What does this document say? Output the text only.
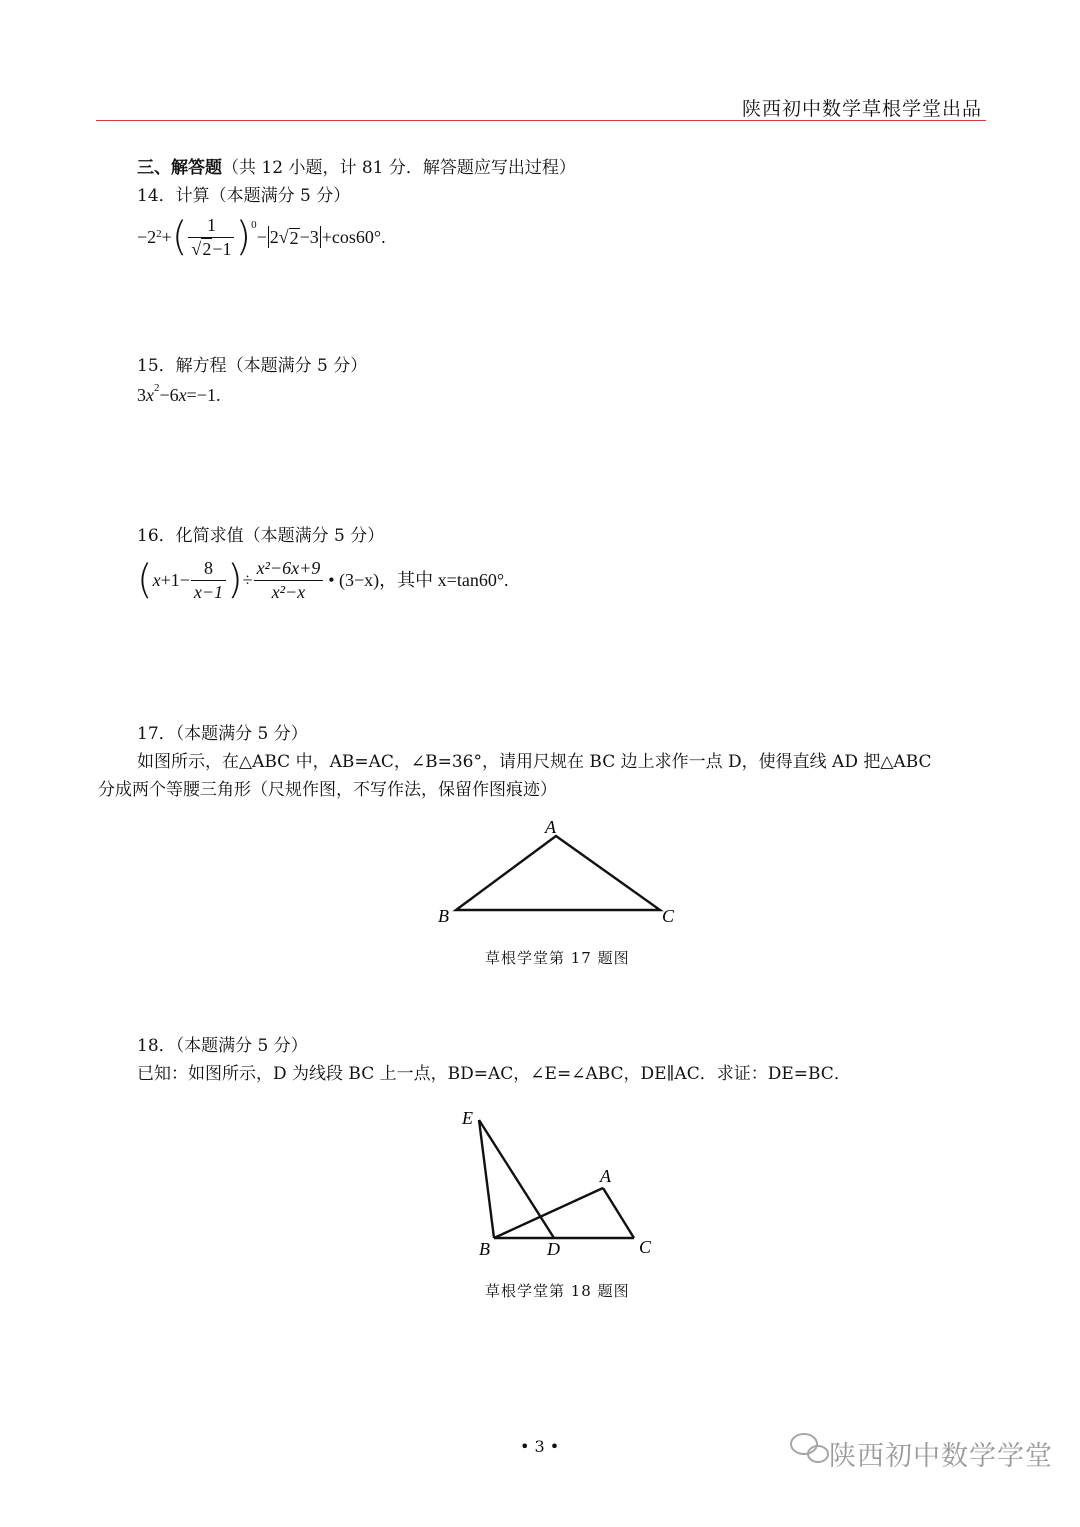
陕西初中数学草根学堂出品
三、解答题（共 12 小题，计 81 分．解答题应写出过程）
14．计算（本题满分 5 分）
$-2^2$ + ( $\frac{1}{√2-1} )^0$
− 2 √ 2 −3 +cos60°.
15．解方程（本题满分 5 分）
$3x^2-6x=-1$.
16．化简求值（本题满分 5 分）
( $x +1- \frac{8}{x-1}$ ) ÷ $\frac{\text{x²−6x+9}}{\text{x²−x}}$ • (3−x)，其中 x=tan60°.
17．（本题满分 5 分）
如图所示，在△ABC 中，AB=AC，∠B=36°，请用尺规在 BC 边上求作一点 D，使得直线 AD 把△ABC
分成两个等腰三角形（尺规作图，不写作法，保留作图痕迹）
A
B	C
E
A
B	D	C
草根学堂第 17 题图
18．（本题满分 5 分）
已知：如图所示，D 为线段 BC 上一点，BD=AC，∠E=∠ABC，DE∥AC．求证：DE=BC．
草根学堂第 18 题图
• 3 •	陕西初中数学学堂
